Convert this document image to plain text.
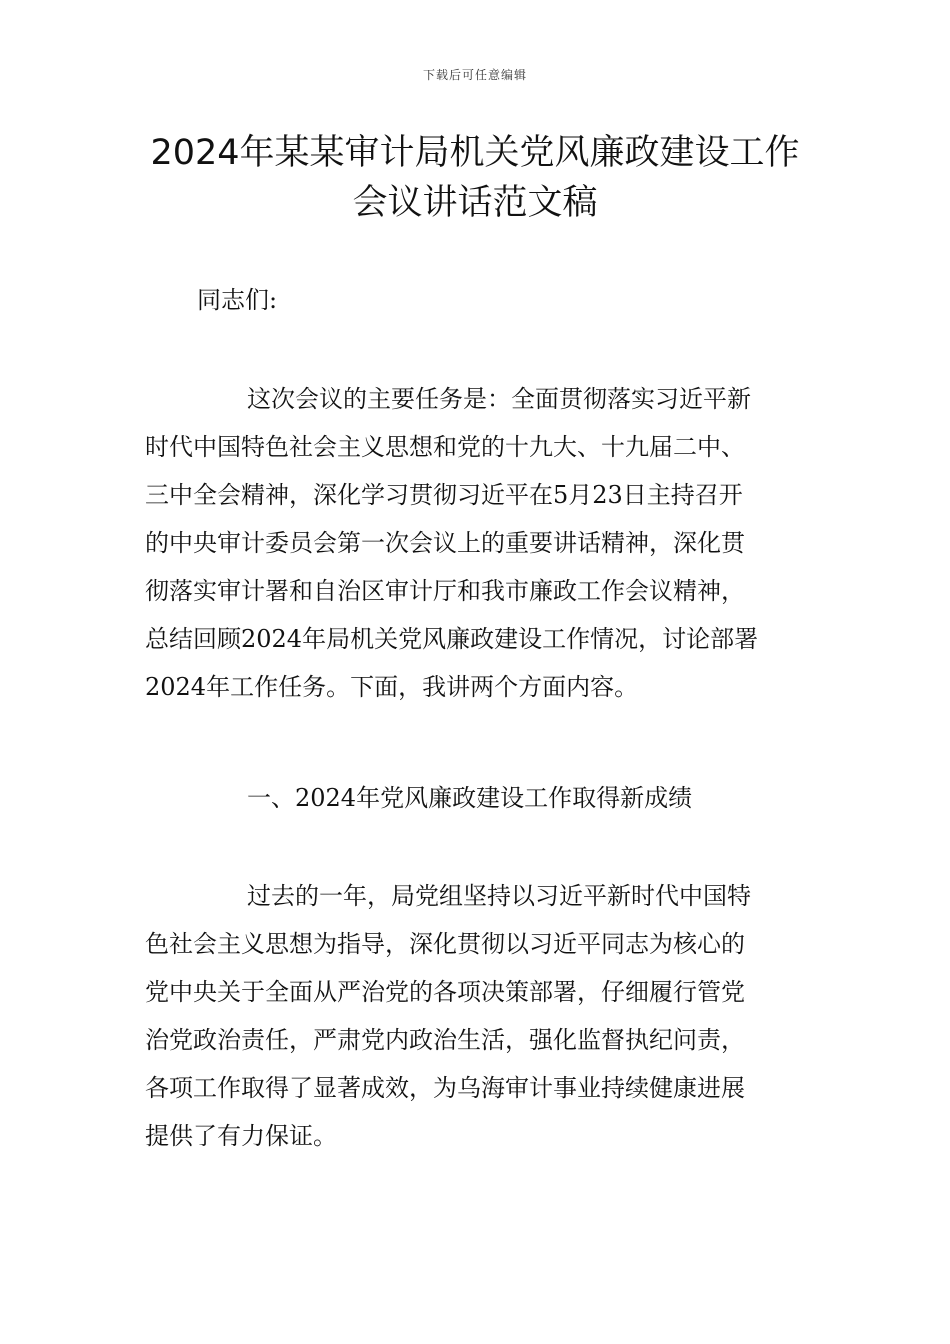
下载后可任意编辑
2024年某某审计局机关党风廉政建设工作
会议讲话范文稿
同志们:
这次会议的主要任务是：全面贯彻落实习近平新
时代中国特色社会主义思想和党的十九大、十九届二中、
三中全会精神，深化学习贯彻习近平在5月23日主持召开
的中央审计委员会第一次会议上的重要讲话精神，深化贯
彻落实审计署和自治区审计厅和我市廉政工作会议精神，
总结回顾2024年局机关党风廉政建设工作情况，讨论部署
2024年工作任务。下面，我讲两个方面内容。
一、2024年党风廉政建设工作取得新成绩
过去的一年，局党组坚持以习近平新时代中国特
色社会主义思想为指导，深化贯彻以习近平同志为核心的
党中央关于全面从严治党的各项决策部署，仔细履行管党
治党政治责任，严肃党内政治生活，强化监督执纪问责，
各项工作取得了显著成效，为乌海审计事业持续健康进展
提供了有力保证。
